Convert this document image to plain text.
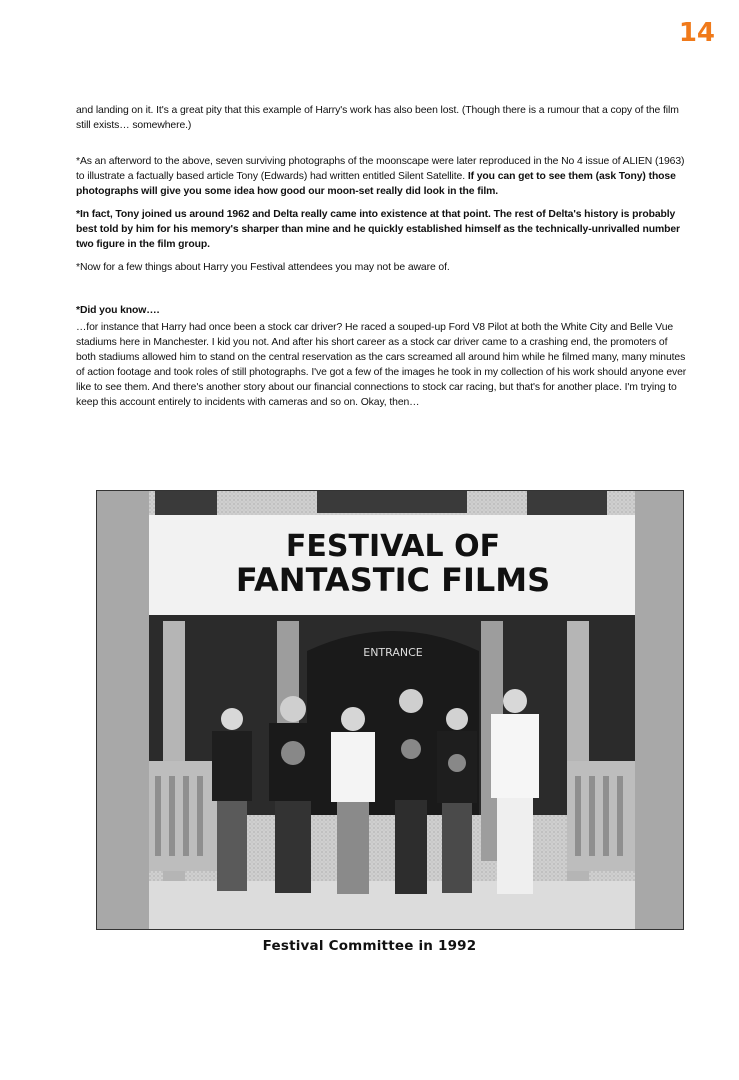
14

and landing on it. It's a great pity that this example of Harry's work has also been lost. (Though there is a rumour that a copy of the film still exists… somewhere.)

*As an afterword to the above, seven surviving photographs of the moonscape were later reproduced in the No 4 issue of ALIEN (1963) to illustrate a factually based article Tony (Edwards) had written entitled Silent Satellite. If you can get to see them (ask Tony) those photographs will give you some idea how good our moon-set really did look in the film.

*In fact, Tony joined us around 1962 and Delta really came into existence at that point. The rest of Delta's history is probably best told by him for his memory's sharper than mine and he quickly established himself as the technically-unrivalled number two figure in the film group.

*Now for a few things about Harry you Festival attendees you may not be aware of.

*Did you know….

…for instance that Harry had once been a stock car driver? He raced a souped-up Ford V8 Pilot at both the White City and Belle Vue stadiums here in Manchester. I kid you not. And after his short career as a stock car driver came to a crashing end, the promoters of both stadiums allowed him to stand on the central reservation as the cars screamed all around him while he filmed many, many minutes of action footage and took roles of still photographs. I've got a few of the images he took in my collection of his work should anyone ever like to see them. And there's another story about our financial connections to stock car racing, but that's for another place. I'm trying to keep this account entirely to incidents with cameras and so on. Okay, then…

FESTIVAL OF
FANTASTIC FILMS
ENTRANCE
Festival Committee in 1992
